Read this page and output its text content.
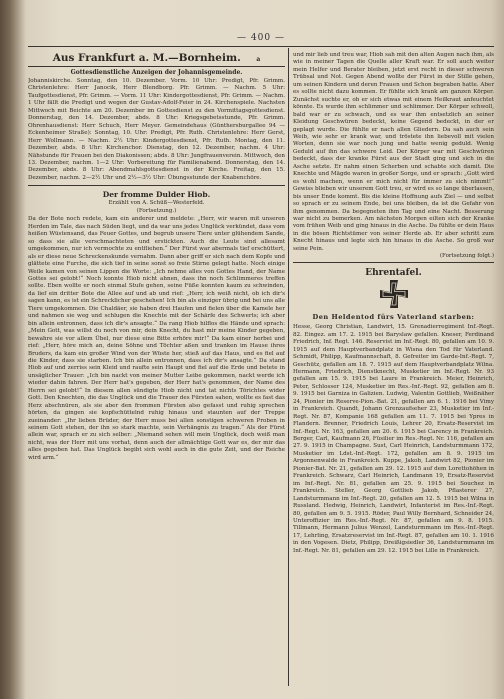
— 400 —
Aus Frankfurt a. M.—Bornheim.	a
Gottesdienstliche Anzeigen der Johannisgemeinde.

Johanniskirche. Sonntag, den 10. Dezember. Vorm. 10 Uhr: Predigt, Pfr. Grimm. Christenlehre: Herr Janocik, Herr Blendborg. Pfr. Grimm. — Nachm. 5 Uhr: Taufgottesdienst, Pfr. Grimm. — Vorm. 11 Uhr: Kindergottesdienst, Pfr. Grimm. — Nachm. 1 Uhr fällt die Predigt und wegen der Gustav-Adolf-Feier in 24. Kirchenspiele. Nachsten Mittwoch mit Beichte am 20. Dezember im Gottesdienst zu den Vormittagsgottesdienst. Donnerstag, den 14. Dezember, abds. 8 Uhr: Kriegsgebetsstunde, Pfr. Grimm. Ohrenhausdienst: Herr Schuch, Herr Meyer. Gemeindehaus (Günthersburgallee 94 — Eckenheimer Straße): Sonntag, 10. Uhr: Predigt, Pfr. Ruth. Christenlehre: Herr Gerst, Herr Wollmann. — Nachm. 2½ Uhr: Kindergottesdienst, Pfr. Ruth. Montag, den 11. Dezember, abds. 8 Uhr: Kirchenchor. Dienstag, den 12. Dezember, nachm. 4 Uhr: Nähstunde für Frauen bei den Diakonissen; abds. 8 Uhr: Jungfrauenverein. Mittwoch, den 13. Dezember, nachm. 1—2 Uhr: Vorbereitung für Familienabend. Donnerstag, den 14. Dezember, abds. 8 Uhr: Abendmahlsgottesdienst in der Kirche. Freitag, den 15. Dezember, nachm. 2—2½ Uhr und 2½—3½ Uhr: Übungsstunde der Knabenchöre.

Der fromme Dulder Hiob.
Erzählt von A. Schüß—Westerfeld.
(Fortsetzung.)

Da der Bote noch redete, kam ein anderer und meldete: „Herr, wir waren mit unseren Herden im Tale, das nach Süden liegt, und da war uns jedes Unglück verkündet, dass vom heißen Wüstensand, das Feuer Gottes, und begrub unsere Tiere unter glühendem Sande, so dass sie alle verschmachteten und erstickten. Auch die Leute sind allesamt umgekommen, nur ich vermochte zu entfliehen.“ Der Fürst war abermals tief erschüttert, als er diese neue Schreckenskunde vernahm. Dann aber griff er sich nach dem Kopfe und glättete eine Furche, die sich tief in seine sonst so freie Stirne gelegt hatte. Noch einige Weile kamen von seinen Lippen die Worte: „Ich nehme alles von Gottes Hand, der Name Gottes sei gelobt!“ Noch konnte Hiob nicht ahnen, dass ihn noch Schlimmeres treffen sollte. Eben wollte er noch einmal Stufe gehen, seine Füße konnten kaum zu schwinden, da lief ein dritter Bote die Allee auf und ab und rief: „Herr, ich weiß nicht, ob ich dir's sagen kann, es ist ein Schrecklicher geschehen! Ich bin als einziger übrig und bei uns alle Tiere umgekommen. Die Chaldäer, sie haben drei Haufen und fielen über die Kamele her und nahmen sie weg und schlugen die Knechte mit der Schärfe des Schwerts; ich aber bin allein entronnen, dass ich dir's ansagte.“ Da rang Hiob hilflos die Hände und sprach: „Mein Gott, was willst du noch von mir, dein Knecht, du hast mir meine Kinder gegeben, bewahre sie vor allem Übel, nur diese eine Bitte erhöre mir!“ Da kam einer herbei und rief: „Herr, höre mich an, deine Söhne und Töchter aßen und tranken im Hause ihres Bruders, da kam ein großer Wind von der Wüste her, stieß auf das Haus, und es fiel auf die Kinder, dass sie starben. Ich bin allein entronnen, dass ich dir's ansagte.“ Da stand Hiob auf und zerriss sein Kleid und raufte sein Haupt und fiel auf die Erde und betete in unsäglicher Trauer: „Ich bin nackt von meiner Mutter Leibe gekommen, nackt werde ich wieder dahin fahren. Der Herr hat's gegeben, der Herr hat's genommen, der Name des Herrn sei gelobt!“ In diesem allen sündigte Hiob nicht und tat nichts Törichtes wider Gott. Den Knechten, die das Unglück und die Trauer des Fürsten sahen, wollte es fast das Herz abschnüren, als sie aber den frommen Fürsten also gefasst und ruhig sprechen hörten, da gingen sie kopfschüttelnd ruhig hinaus und staunten auf der Treppe zueinander: „Ihr lieben Brüder, der Herr muss bei allen sonstigen schweren Proben in seinem Gott stehen, der ihn so stark machte, sein Verhängnis zu tragen.“ Als der Fürst allein war, sprach er zu sich selber: „Niemand sehen will mein Unglück, doch weiß man nicht, was der Herr mit uns vorhat, denn auch der allmächtige Gott war es, der mir das alles gegeben hat. Das Unglück begibt sich wohl auch in die gute Zeit, und der Reiche wird arm.“

und mir lieb und treu war, Hiob sah mit den alten Augen nach ihm, als wie in meiner Tagen die Quelle aller Kraft war. Er soll auch weiter mein Helfer und Berater bleiben, jetzt erst recht in dieser schweren Trübsal und Not. Gegen Abend wollte der Fürst in der Stille gehen, um seinen Kindern und deren Frauen und Schon begraben hatte. Aber es sollte nicht dazu kommen. Er fühlte sich krank am ganzen Körper. Zunächst suchte er, ob er sich etwas mit einem Heilkraut anfeuchtet könnte. Es wurde ihm schlimmer und schlimmer. Der Körper schwoll, bald war er zu schwach, und es war ihm entsetzlich an seiner Kleidung Geschwüren bedeckt, keine Gegend bedeckt, in der er geplagt wurde. Die fühlte er nach allen Gliedern. Da sah auch sein Weib, wie sehr er krank war, und tröstete ihn liebevoll mit vielen Worten, denn sie war noch jung und hatte wenig geduld. Wenig Geduld auf ihn das schwere Leid. Der Körper war mit Geschwüren bedeckt, dass der kranke Fürst aus der Stadt ging und sich in die Asche setzte. Er nahm einen Scherben und schabte sich damit. Die Knechte und Mägde waren in großer Sorge, und er sprach: „Gott wird es wohl machen, wenn er mich nicht für immer zu sich nimmt!“ Gewiss blieben wir unserem Gott treu, er wird es so lange überlassen, bis unser Ende kommt. Bis die kleine Hoffnung aufs Ziel — und selbst so sprach er zu seinem Ende, bei uns bleiben, da ist die Gefahr von ihm genommen. Da begegneten ihm Tag und eine Nacht. Besserung war nicht zu bemerken. Am nächsten Morgen eilten sich der Kranke vom frühen Weib und ging hinaus in die Asche. Da fühlte er dein Haus in die bösen Richtstümer von seiner Herde ab. Er aber schritt zum Knecht hinaus und legte sich hin hinaus in die Asche. So groß war seine Pein.

(Fortsetzung folgt.)
Ehrentafel.
Den Heldentod fürs Vaterland starben:

Hesse, Georg Christian, Landwirt, 15. Grenadierregiment Inf.-Regt. 82. Eingez. am 17. 2. 1915 bei Baryslaw gefallen. Kneser, Ferdinand Friedrich, Inf. Regt. 146. Reservist im Inf.-Regt. 80, gefallen am 10. 9. 1915 auf dem Hauptverbandplatz in Wisna den Tod für Vaterland. Schmidt, Philipp, Kaufmannschaft, 8. Gefreiter im Garde-Inf.-Regt. 7, Geschütz, gefallen am 18. 7. 1915 auf dem Hauptverbandplatz Wilna. Hermann, Friedrich, Dienstknecht, Musketier im Inf.-Regt. Nr. 93 gefallen am 15. 9. 1915 bei Laure in Frankreich. Meier, Heinrich, Peter, Schlosser 124, Musketier im Res.-Inf.-Regt. 92, gefallen am 8. 9. 1915 bei Garniza in Galizien. Ludwig, Valentin Gottlieb, Weißnäher 24, Pionier im Reserve-Pion.-Bat. 21, gefallen am 6. 1. 1916 bei Vimy in Frankreich. Quandt, Johann Grenzaufseher 23, Musketier im Inf.-Regt. Nr. 87, Kompanie 168 gefallen am 11. 7. 1915 bei Ypres in Flandern. Brenner, Friedrich Louis, Lehrer 20, Ersatz-Reservist im Inf.-Regt. Nr. 163, gefallen am 20. 6. 1915 bei Carency in Frankreich. Berger, Carl, Kaufmann 26, Füsilier im Res.-Regt. Nr. 116, gefallen am 27. 9. 1915 in Champagne. Sust, Carl Heinrich, Landsturmmann 172, Musketier im Ldst.-Inf.-Regt. 172, gefallen am 8. 9. 1915 im Argonnenwalde in Frankreich. Kuppe, Jakob, Landwirt 82, Pionier im Pionier-Bat. Nr. 21, gefallen am 29. 12. 1915 auf dem Lorettohöhen in Frankreich. Schwarz, Carl Heinrich, Landmann 19, Ersatz-Reservist im Inf.-Regt. Nr. 81, gefallen am 25. 9. 1915 bei Souchez in Frankreich. Steller, Georg Gottlieb Jakob, Pflasterer 27, Landsturmmann im Inf.-Regt. 20, gefallen am 12. 5. 1915 bei Wilna in Russland. Hedwig, Heinrich, Landwirt, Infanterist im Res.-Inf.-Regt. 80, gefallen am 9. 5. 1915. Röder, Paul Willy Bernhard, Schneider 24, Unteroffizier im Res.-Inf.-Regt. Nr. 87, gefallen am 9. 8. 1915. Tillmann, Hermann Julius Wenzel, Landsturmmann im Res.-Inf.-Regt. 17, Lehrling, Ersatzreservist im Inf.-Regt. 87, gefallen am 10. 1. 1916 in den Vogesen. Dietz, Philipp, Dreißigsiedler 36, Landsturmmann im Inf.-Regt. Nr. 81, gefallen am 29. 12. 1915 bei Lille in Frankreich.
